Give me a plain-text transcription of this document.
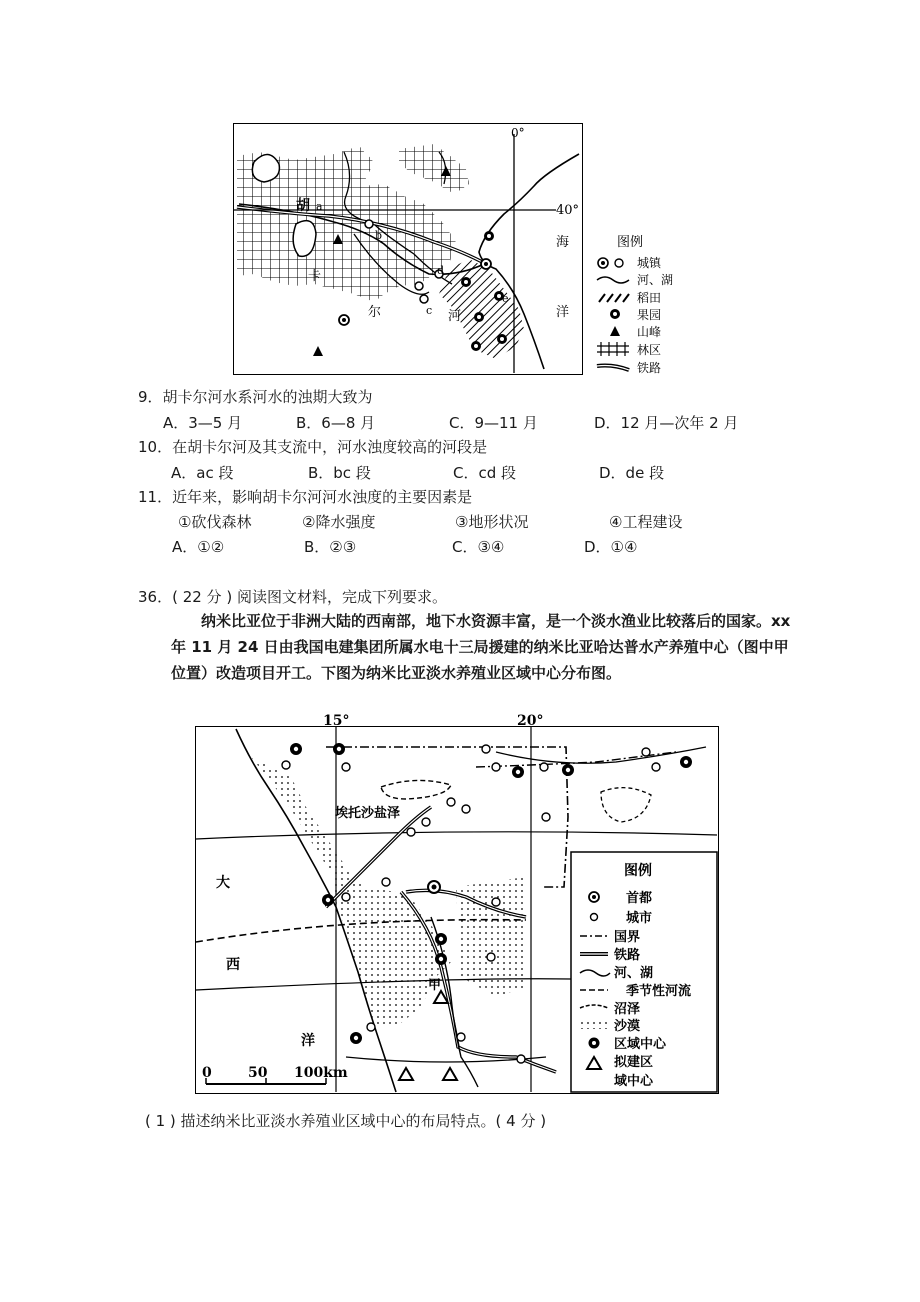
0°
40°
胡
卡
尔	河
a
b
c
d
e
海
洋
图例
城镇
河、湖
稻田
果园
山峰
林区
铁路
9．胡卡尔河水系河水的浊期大致为
A．3—5 月	B．6—8 月	C．9—11 月	D．12 月—次年 2 月
10．在胡卡尔河及其支流中，河水浊度较高的河段是
A．ac 段	B．bc 段	C．cd 段	D．de 段
11．近年来，影响胡卡尔河河水浊度的主要因素是
①砍伐森林	②降水强度	③地形状况	④工程建设
A．①②	B．②③	C．③④	D．①④
36．( 22 分 ) 阅读图文材料，完成下列要求。
纳米比亚位于非洲大陆的西南部，地下水资源丰富，是一个淡水渔业比较落后的国家。xx 年 11 月 24 日由我国电建集团所属水电十三局援建的纳米比亚哈达普水产养殖中心（图中甲位置）改造项目开工。下图为纳米比亚淡水养殖业区域中心分布图。
15°	20°
埃托沙盐泽
大
西
洋
甲
0	50 100km
图例
首都
城市
国界
铁路
河、湖
季节性河流
沼泽
沙漠
区域中心
拟建区
域中心
( 1 ) 描述纳米比亚淡水养殖业区域中心的布局特点。( 4 分 )
